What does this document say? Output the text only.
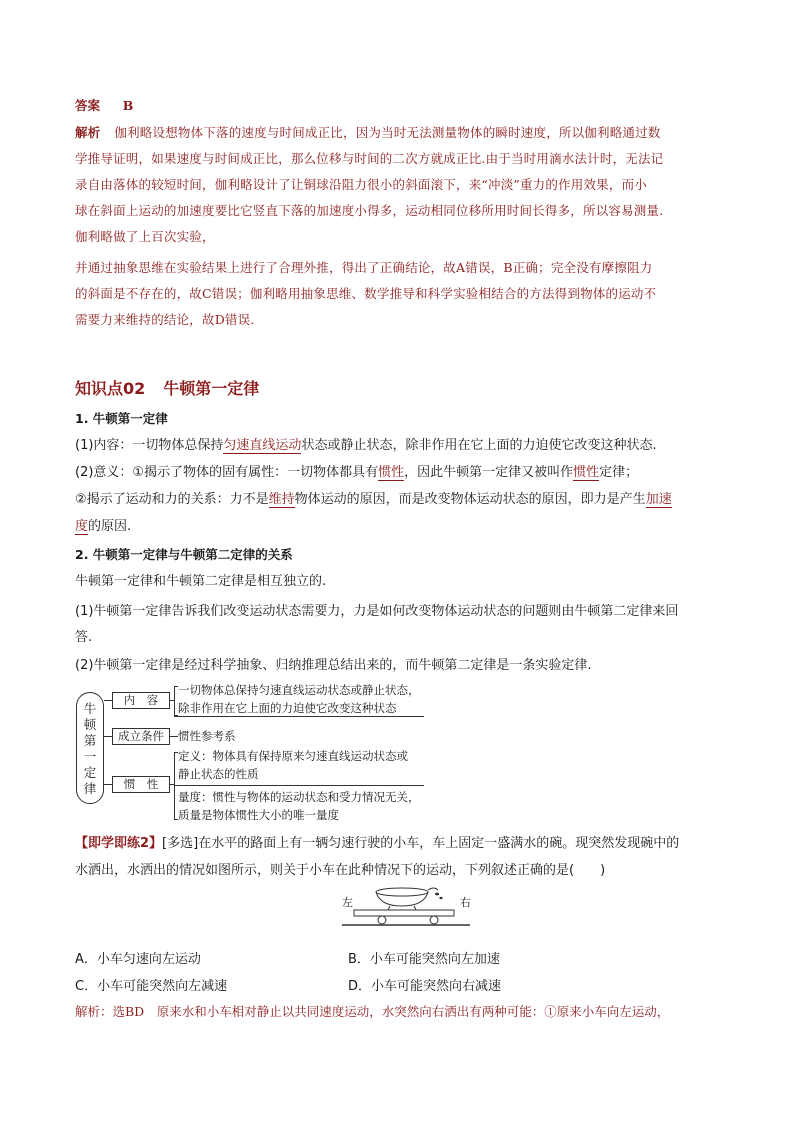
答案 B
解析 伽利略设想物体下落的速度与时间成正比，因为当时无法测量物体的瞬时速度，所以伽利略通过数
学推导证明，如果速度与时间成正比，那么位移与时间的二次方就成正比.由于当时用滴水法计时，无法记
录自由落体的较短时间，伽利略设计了让铜球沿阻力很小的斜面滚下，来“冲淡”重力的作用效果，而小
球在斜面上运动的加速度要比它竖直下落的加速度小得多，运动相同位移所用时间长得多，所以容易测量.
伽利略做了上百次实验，
并通过抽象思维在实验结果上进行了合理外推，得出了正确结论，故A错误，B正确；完全没有摩擦阻力
的斜面是不存在的，故C错误；伽利略用抽象思维、数学推导和科学实验相结合的方法得到物体的运动不
需要力来维持的结论，故D错误.
知识点02 牛顿第一定律
1. 牛顿第一定律
(1)内容：一切物体总保持匀速直线运动状态或静止状态，除非作用在它上面的力迫使它改变这种状态.
(2)意义：①揭示了物体的固有属性：一切物体都具有惯性，因此牛顿第一定律又被叫作惯性定律；
②揭示了运动和力的关系：力不是维持物体运动的原因，而是改变物体运动状态的原因，即力是产生加速
度的原因.
2. 牛顿第一定律与牛顿第二定律的关系
牛顿第一定律和牛顿第二定律是相互独立的.
(1)牛顿第一定律告诉我们改变运动状态需要力，力是如何改变物体运动状态的问题则由牛顿第二定律来回
答.
(2)牛顿第一定律是经过科学抽象、归纳推理总结出来的，而牛顿第二定律是一条实验定律.
牛
顿
第
一
定
律
内　容
成立条件
惯　性
一切物体总保持匀速直线运动状态或静止状态，
除非作用在它上面的力迫使它改变这种状态
惯性参考系
定义：物体具有保持原来匀速直线运动状态或
静止状态的性质
量度：惯性与物体的运动状态和受力情况无关，
质量是物体惯性大小的唯一量度
【即学即练2】[多选]在水平的路面上有一辆匀速行驶的小车，车上固定一盛满水的碗。现突然发现碗中的
水洒出，水洒出的情况如图所示，则关于小车在此种情况下的运动，下列叙述正确的是(　　)
左	右
A．小车匀速向左运动	B．小车可能突然向左加速
C．小车可能突然向左减速	D．小车可能突然向右减速
解析：选BD　原来水和小车相对静止以共同速度运动，水突然向右洒出有两种可能：①原来小车向左运动，
